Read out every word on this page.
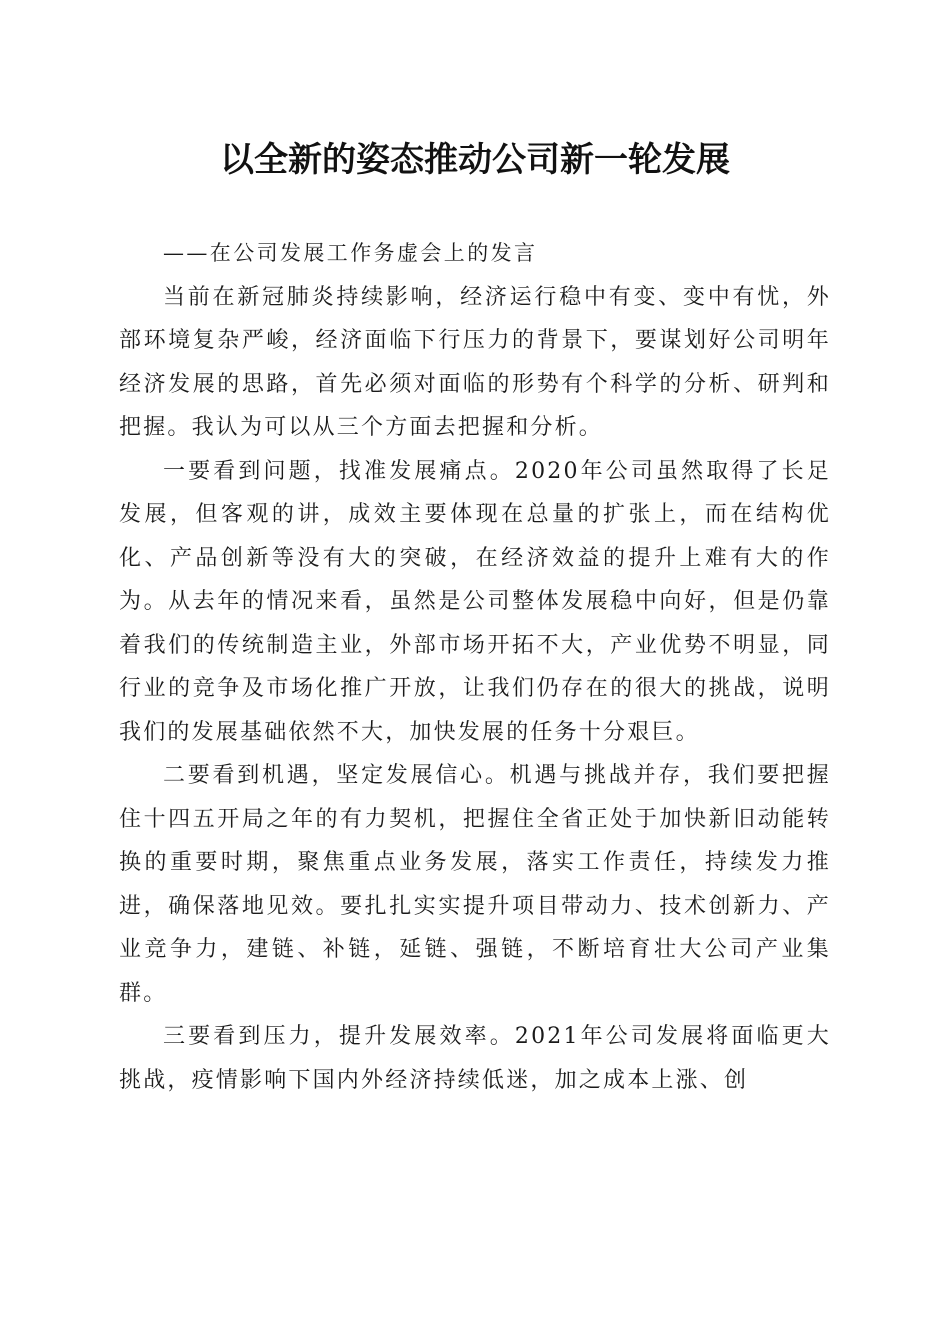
以全新的姿态推动公司新一轮发展

——在公司发展工作务虚会上的发言

当前在新冠肺炎持续影响，经济运行稳中有变、变中有忧，外部环境复杂严峻，经济面临下行压力的背景下，要谋划好公司明年经济发展的思路，首先必须对面临的形势有个科学的分析、研判和把握。我认为可以从三个方面去把握和分析。

一要看到问题，找准发展痛点。2020年公司虽然取得了长足发展，但客观的讲，成效主要体现在总量的扩张上，而在结构优化、产品创新等没有大的突破，在经济效益的提升上难有大的作为。从去年的情况来看，虽然是公司整体发展稳中向好，但是仍靠着我们的传统制造主业，外部市场开拓不大，产业优势不明显，同行业的竞争及市场化推广开放，让我们仍存在的很大的挑战，说明我们的发展基础依然不大，加快发展的任务十分艰巨。

二要看到机遇，坚定发展信心。机遇与挑战并存，我们要把握住十四五开局之年的有力契机，把握住全省正处于加快新旧动能转换的重要时期，聚焦重点业务发展，落实工作责任，持续发力推进，确保落地见效。要扎扎实实提升项目带动力、技术创新力、产业竞争力，建链、补链，延链、强链，不断培育壮大公司产业集群。

三要看到压力，提升发展效率。2021年公司发展将面临更大挑战，疫情影响下国内外经济持续低迷，加之成本上涨、创
